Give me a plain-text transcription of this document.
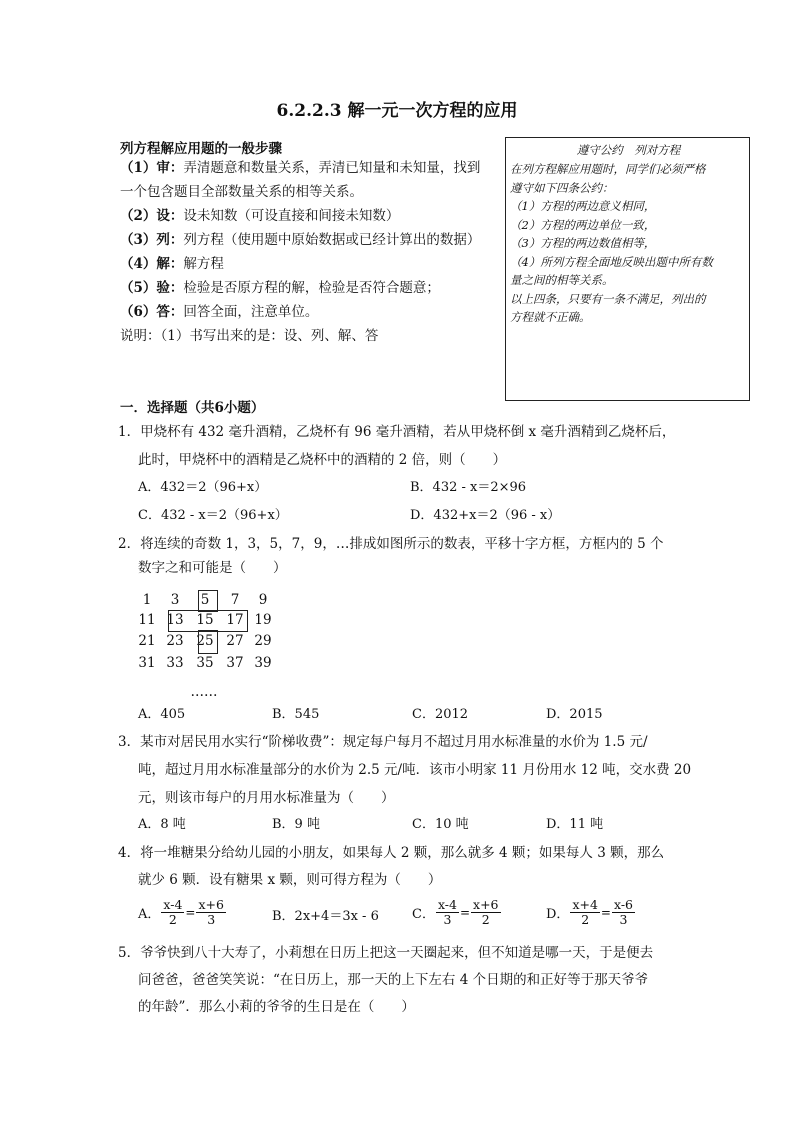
6.2.2.3 解一元一次方程的应用
列方程解应用题的一般步骤
（1）审：弄清题意和数量关系，弄清已知量和未知量，找到
一个包含题目全部数量关系的相等关系。
（2）设：设未知数（可设直接和间接未知数）
（3）列：列方程（使用题中原始数据或已经计算出的数据）
（4）解：解方程
（5）验：检验是否原方程的解，检验是否符合题意；
（6）答：回答全面，注意单位。
说明：（1）书写出来的是：设、列、解、答
遵守公约　列对方程
在列方程解应用题时，同学们必须严格
遵守如下四条公约：
（1）方程的两边意义相同，
（2）方程的两边单位一致，
（3）方程的两边数值相等，
（4）所列方程全面地反映出题中所有数
量之间的相等关系。
以上四条，只要有一条不满足，列出的
方程就不正确。
一．选择题（共6小题）
1．甲烧杯有 432 毫升酒精，乙烧杯有 96 毫升酒精，若从甲烧杯倒 x 毫升酒精到乙烧杯后，
此时，甲烧杯中的酒精是乙烧杯中的酒精的 2 倍，则（　　）
A．432＝2（96+x）	B．432 - x＝2×96
C．432 - x＝2（96+x）	D．432+x＝2（96 - x）
2．将连续的奇数 1，3，5，7，9，…排成如图所示的数表，平移十字方框，方框内的 5 个
数字之和可能是（　　）
1	3	5	7	9
11 13 15 17 19
21 23 25 27 29
31 33 35 37 39
……
A．405	B．545	C．2012	D．2015
3．某市对居民用水实行“阶梯收费”：规定每户每月不超过月用水标准量的水价为 1.5 元/
吨，超过月用水标准量部分的水价为 2.5 元/吨．该市小明家 11 月份用水 12 吨，交水费 20
元，则该市每户的月用水标准量为（　　）
A．8 吨	B．9 吨	C．10 吨	D．11 吨
4．将一堆糖果分给幼儿园的小朋友，如果每人 2 颗，那么就多 4 颗；如果每人 3 颗，那么
就少 6 颗．设有糖果 x 颗，则可得方程为（　　）
A． $\frac{x-4}{2} = \frac{x+6}{3}$	B．2x+4＝3x - 6	C． $\frac{x-4}{3} = \frac{x+6}{2}$	D． $\frac{x+4}{2} = \frac{x-6}{3}$
5．爷爷快到八十大寿了，小莉想在日历上把这一天圈起来，但不知道是哪一天，于是便去
问爸爸，爸爸笑笑说：“在日历上，那一天的上下左右 4 个日期的和正好等于那天爷爷
的年龄”．那么小莉的爷爷的生日是在（　　）
